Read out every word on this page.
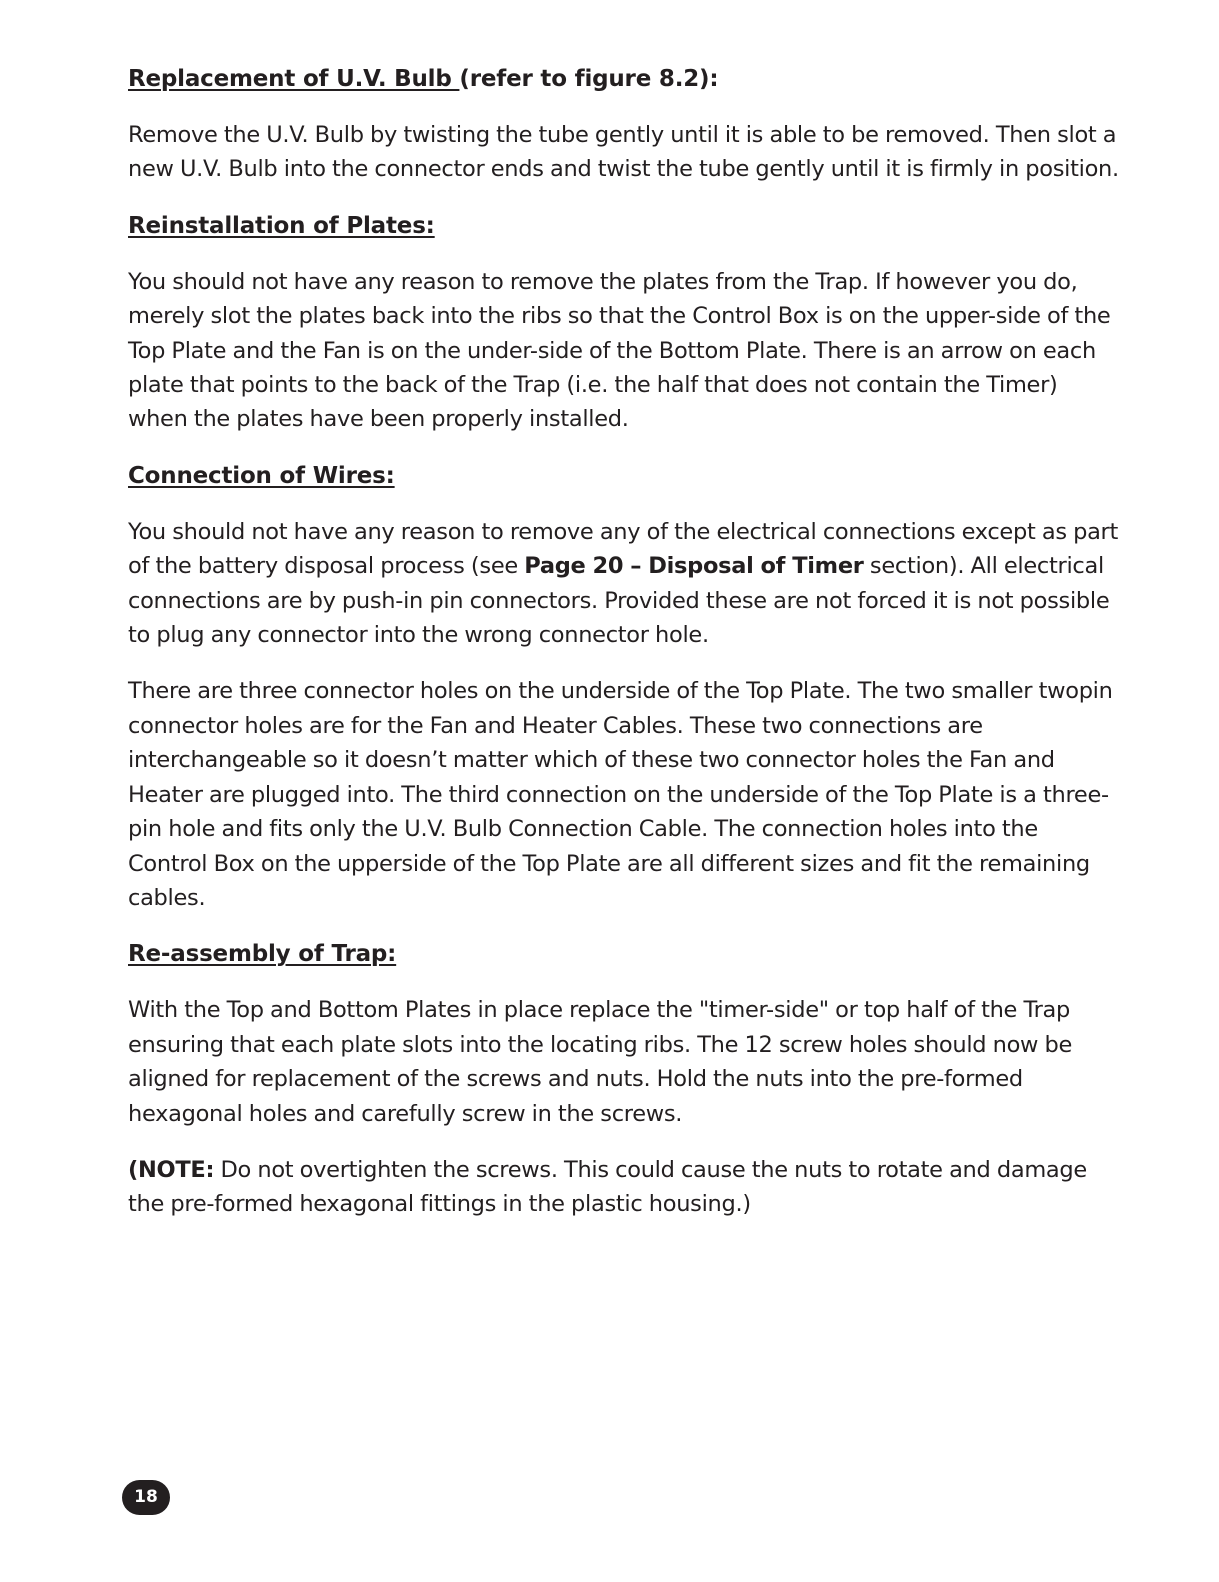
Replacement of U.V. Bulb (refer to figure 8.2):

Remove the U.V. Bulb by twisting the tube gently until it is able to be removed. Then slot a new U.V. Bulb into the connector ends and twist the tube gently until it is firmly in position.

Reinstallation of Plates:

You should not have any reason to remove the plates from the Trap. If however you do, merely slot the plates back into the ribs so that the Control Box is on the upper-side of the Top Plate and the Fan is on the under-side of the Bottom Plate. There is an arrow on each plate that points to the back of the Trap (i.e. the half that does not contain the Timer) when the plates have been properly installed.

Connection of Wires:

You should not have any reason to remove any of the electrical connections except as part of the battery disposal process (see Page 20 – Disposal of Timer section). All electrical connections are by push-in pin connectors. Provided these are not forced it is not possible to plug any connector into the wrong connector hole.

There are three connector holes on the underside of the Top Plate. The two smaller twopin connector holes are for the Fan and Heater Cables. These two connections are interchangeable so it doesn’t matter which of these two connector holes the Fan and Heater are plugged into. The third connection on the underside of the Top Plate is a three-pin hole and fits only the U.V. Bulb Connection Cable. The connection holes into the Control Box on the upperside of the Top Plate are all different sizes and fit the remaining cables.

Re-assembly of Trap:

With the Top and Bottom Plates in place replace the "timer-side" or top half of the Trap ensuring that each plate slots into the locating ribs. The 12 screw holes should now be aligned for replacement of the screws and nuts. Hold the nuts into the pre-formed hexagonal holes and carefully screw in the screws.

(NOTE: Do not overtighten the screws. This could cause the nuts to rotate and damage the pre-formed hexagonal fittings in the plastic housing.)

18
